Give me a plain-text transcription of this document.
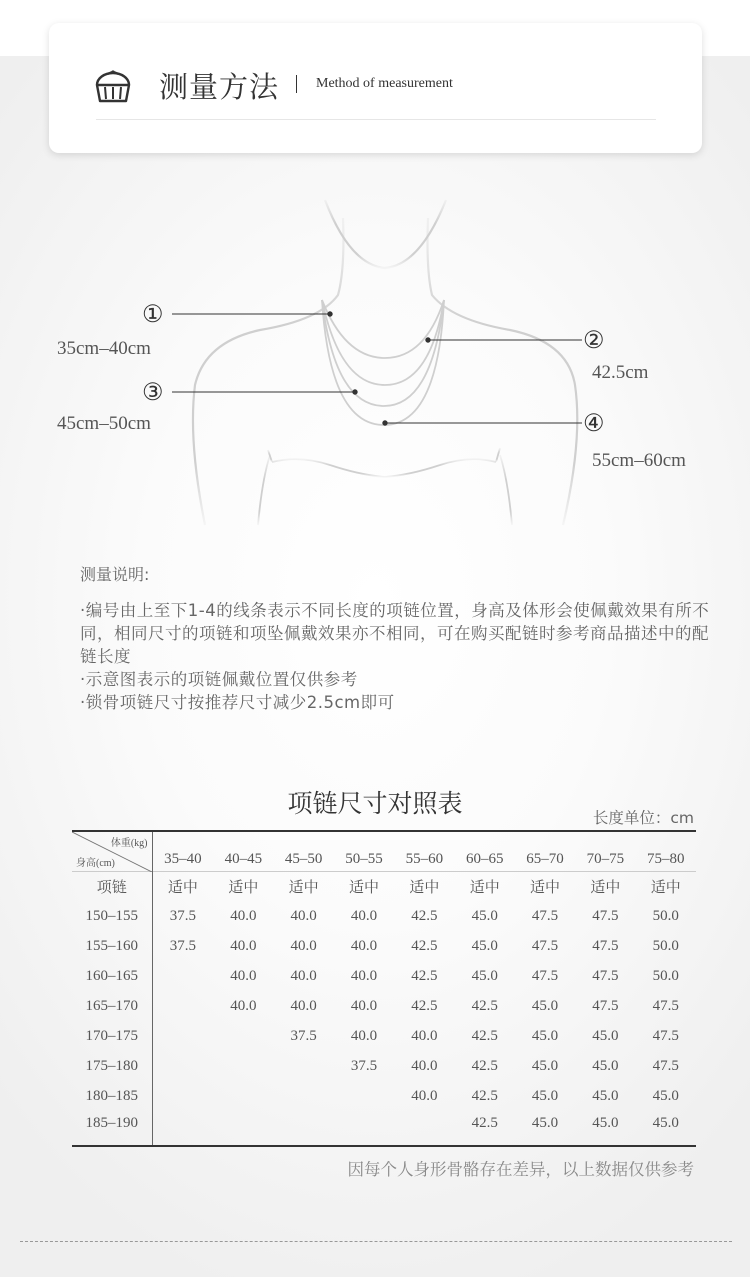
测量方法	Method of measurement
①
②
③
④
35cm–40cm
42.5cm
45cm–50cm
55cm–60cm
测量说明:

·编号由上至下1-4的线条表示不同长度的项链位置，身高及体形会使佩戴效果有所不同，相同尺寸的项链和项坠佩戴效果亦不相同，可在购买配链时参考商品描述中的配链长度

·示意图表示的项链佩戴位置仅供参考

·锁骨项链尺寸按推荐尺寸减少2.5cm即可

项链尺寸对照表	长度单位：cm
体重(kg)
身高(cm)	35–40	40–45	45–50	50–55	55–60	60–65	65–70	70–75	75–80
项链	适中	适中	适中	适中	适中	适中	适中	适中	适中
150–155	37.5	40.0	40.0	40.0	42.5	45.0	47.5	47.5	50.0
155–160	37.5	40.0	40.0	40.0	42.5	45.0	47.5	47.5	50.0
160–165		40.0	40.0	40.0	42.5	45.0	47.5	47.5	50.0
165–170		40.0	40.0	40.0	42.5	42.5	45.0	47.5	47.5
170–175			37.5	40.0	40.0	42.5	45.0	45.0	47.5
175–180				37.5	40.0	42.5	45.0	45.0	47.5
180–185					40.0	42.5	45.0	45.0	45.0
185–190						42.5	45.0	45.0	45.0
因每个人身形骨骼存在差异，以上数据仅供参考
